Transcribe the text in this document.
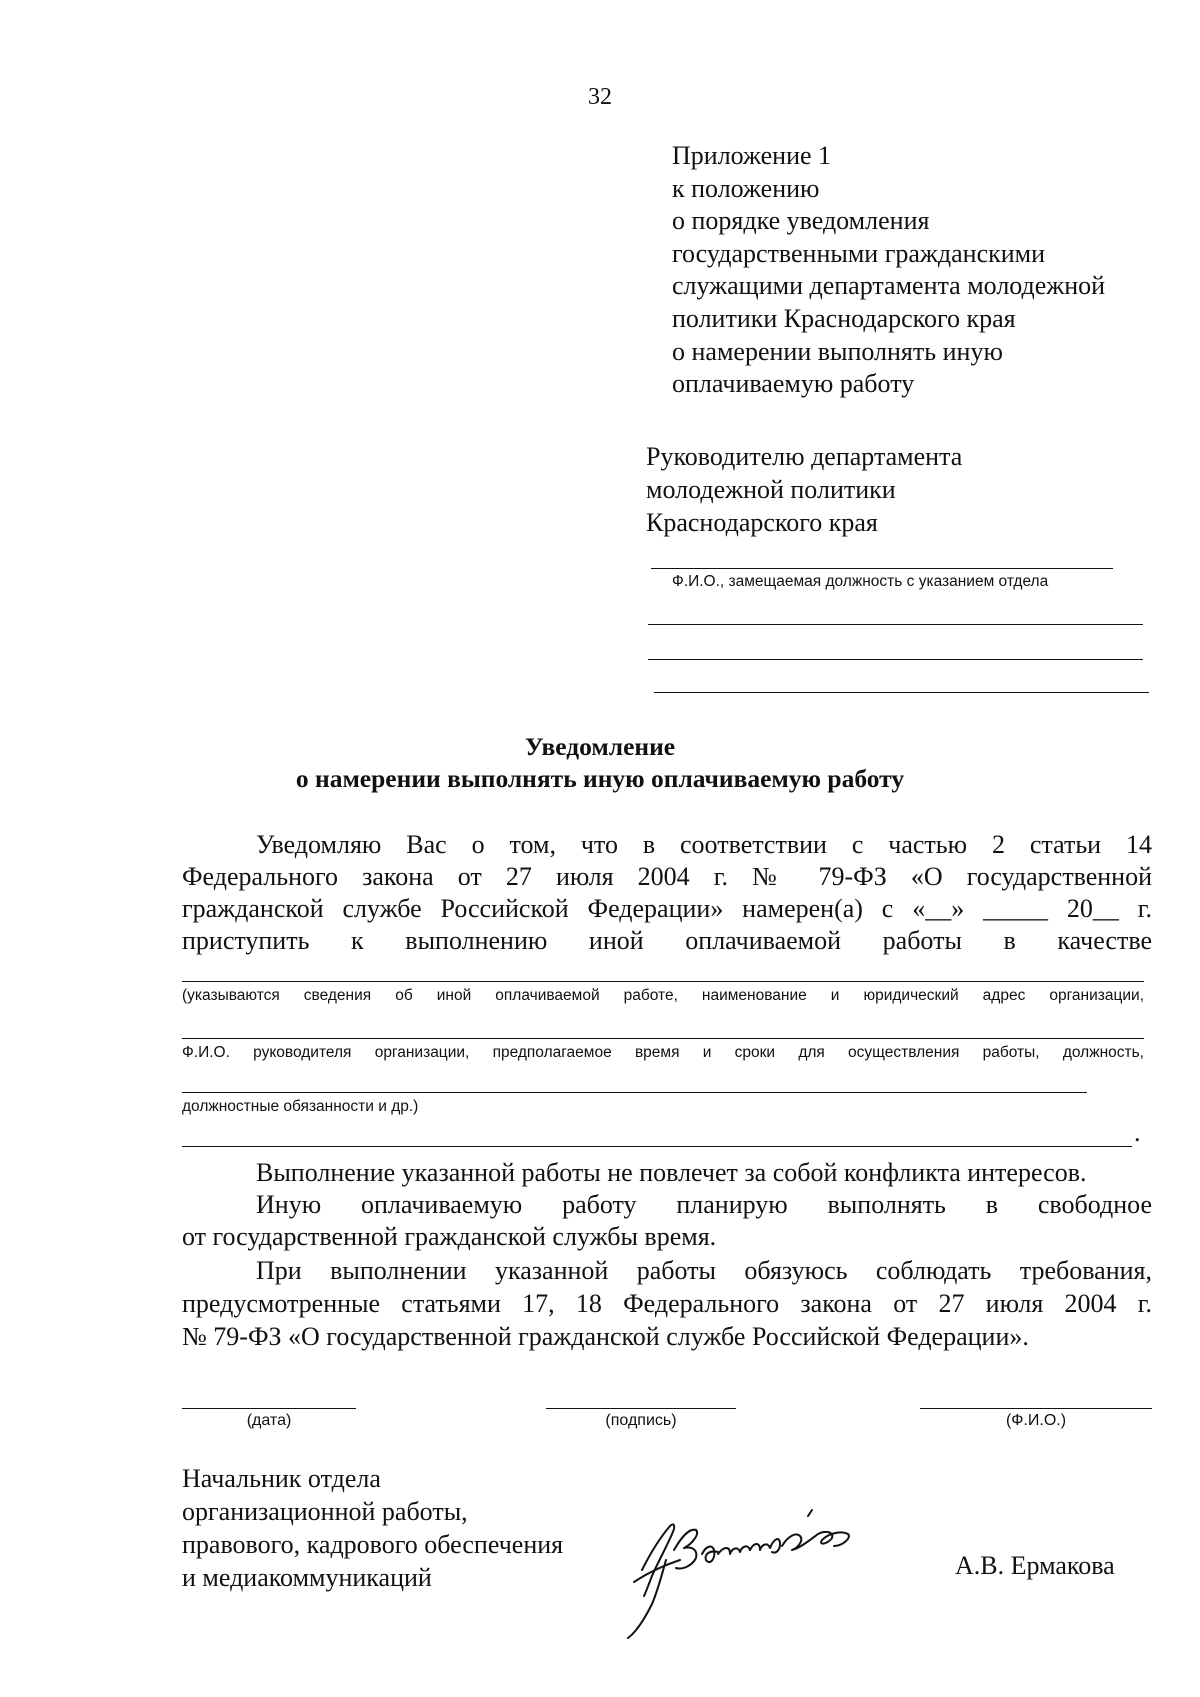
32
Приложение 1
к положению
о порядке уведомления
государственными гражданскими
служащими департамента молодежной
политики Краснодарского края
о намерении выполнять иную
оплачиваемую работу
Руководителю департамента
молодежной политики
Краснодарского края
Ф.И.О., замещаемая должность с указанием отдела
Уведомление
о намерении выполнять иную оплачиваемую работу
Уведомляю Вас о том, что в соответствии с частью 2 статьи 14
Федерального закона от 27 июля 2004 г. № 79-ФЗ «О государственной
гражданской службе Российской Федерации» намерен(а) с «__» _____ 20__ г.
приступить к выполнению иной оплачиваемой работы в качестве
(указываются сведения об иной оплачиваемой работе, наименование и юридический адрес организации,
Ф.И.О. руководителя организации, предполагаемое время и сроки для осуществления работы, должность,
должностные обязанности и др.)
.
Выполнение указанной работы не повлечет за собой конфликта интересов.
Иную оплачиваемую работу планирую выполнять в свободное
от государственной гражданской службы время.
При выполнении указанной работы обязуюсь соблюдать требования,
предусмотренные статьями 17, 18 Федерального закона от 27 июля 2004 г.
№ 79-ФЗ «О государственной гражданской службе Российской Федерации».
(дата)	(подпись)	(Ф.И.О.)
Начальник отдела
организационной работы,
правового, кадрового обеспечения
и медиакоммуникаций	А.В. Ермакова
